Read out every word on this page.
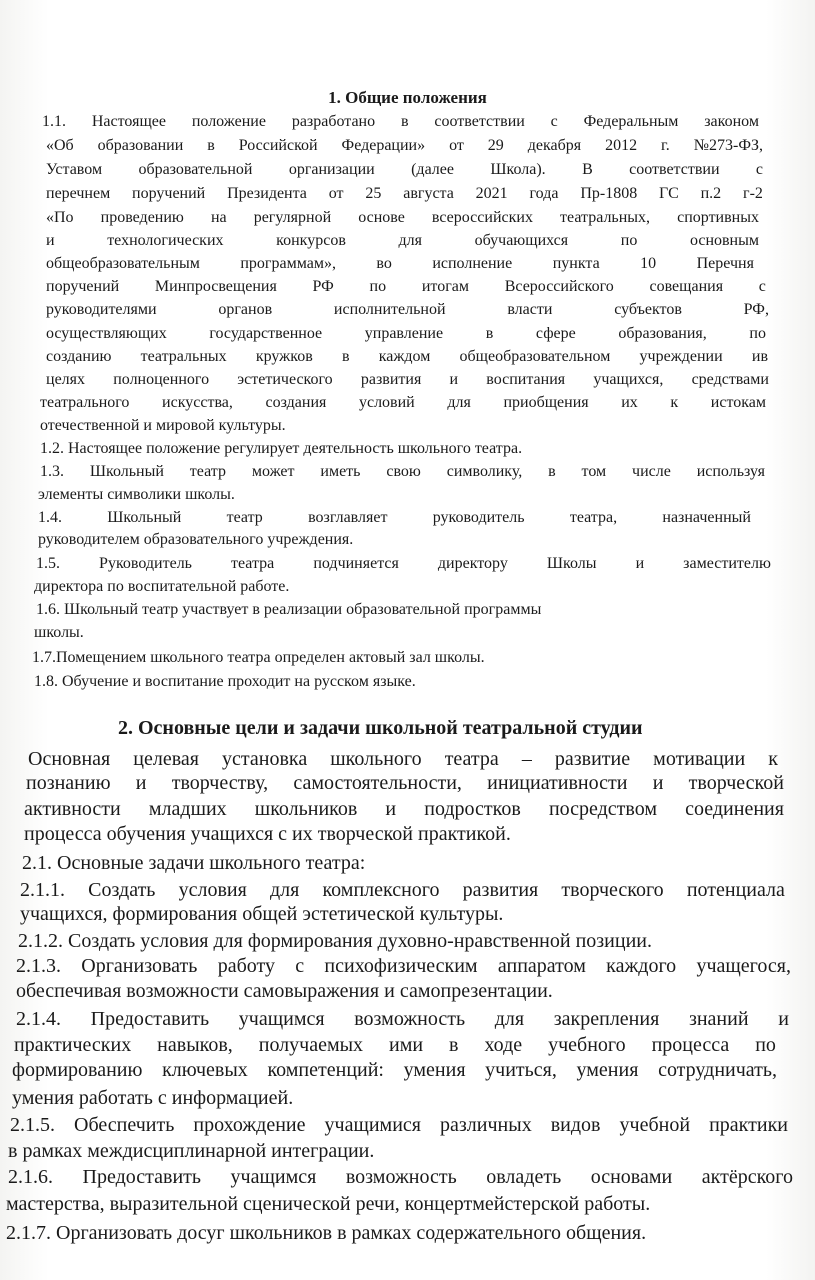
1. Общие положения
1.1. Настоящее положение разработано в соответствии с Федеральным законом
«Об образовании в Российской Федерации» от 29 декабря 2012 г. №273-ФЗ,
Уставом образовательной организации (далее Школа). В соответствии с
перечнем поручений Президента от 25 августа 2021 года Пр-1808 ГС п.2 г-2
«По проведению на регулярной основе всероссийских театральных, спортивных
и	технологических	конкурсов	для	обучающихся	по	основным
общеобразовательным	программам»,	во	исполнение	пункта	10	Перечня
поручений Минпросвещения РФ по итогам Всероссийского совещания с
руководителями	органов	исполнительной	власти	субъектов	РФ,
осуществляющих	государственное	управление	в	сфере	образования,	по
созданию театральных кружков в каждом общеобразовательном учреждении ив
целях полноценного эстетического развития и воспитания учащихся, средствами
театрального искусства, создания условий для приобщения их к истокам
отечественной и мировой культуры.
1.2. Настоящее положение регулирует деятельность школьного театра.
1.3. Школьный театр может иметь свою символику, в том числе используя
элементы символики школы.
1.4.	Школьный	театр	возглавляет	руководитель	театра,	назначенный
руководителем образовательного учреждения.
1.5. Руководитель театра подчиняется директору Школы и заместителю
директора по воспитательной работе.
1.6. Школьный театр участвует в реализации образовательной программы
школы.
1.7.Помещением школьного театра определен актовый зал школы.
1.8. Обучение и воспитание проходит на русском языке.
2. Основные цели и задачи школьной театральной студии
Основная целевая установка школьного театра – развитие мотивации к
познанию и творчеству, самостоятельности, инициативности и творческой
активности младших школьников и подростков посредством соединения
процесса обучения учащихся с их творческой практикой.
2.1. Основные задачи школьного театра:
2.1.1. Создать условия для комплексного развития творческого потенциала
учащихся, формирования общей эстетической культуры.
2.1.2. Создать условия для формирования духовно-нравственной позиции.
2.1.3. Организовать работу с психофизическим аппаратом каждого учащегося,
обеспечивая возможности самовыражения и самопрезентации.
2.1.4. Предоставить учащимся возможность для закрепления знаний и
практических навыков, получаемых ими в ходе учебного процесса по
формированию ключевых компетенций: умения учиться, умения сотрудничать,
умения работать с информацией.
2.1.5. Обеспечить прохождение учащимися различных видов учебной практики
в рамках междисциплинарной интеграции.
2.1.6. Предоставить учащимся возможность овладеть основами актёрского
мастерства, выразительной сценической речи, концертмейстерской работы.
2.1.7. Организовать досуг школьников в рамках содержательного общения.
